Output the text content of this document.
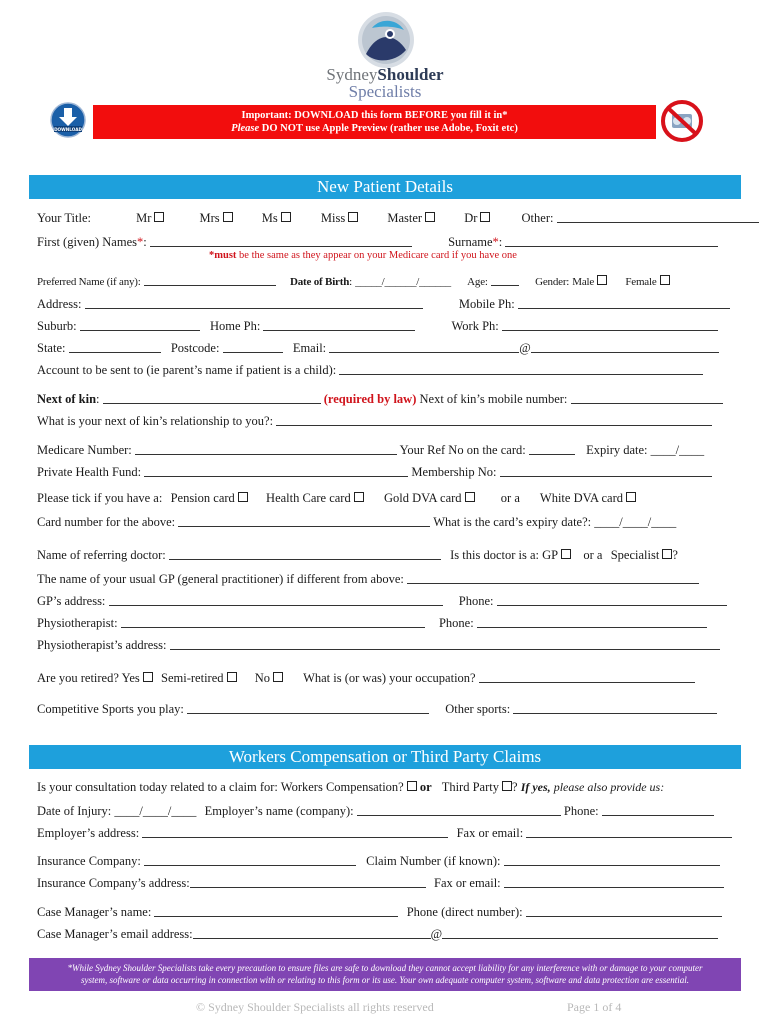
SydneyShoulder
Specialists
DOWNLOAD
Important: DOWNLOAD this form BEFORE you fill it in*
Please DO NOT use Apple Preview (rather use Adobe, Foxit etc)
New Patient Details
Your Title:	Mr	Mrs	Ms	Miss	Master	Dr	Other:
First (given) Names*:	Surname*:
*must be the same as they appear on your Medicare card if you have one
Preferred Name (if any):	Date of Birth: _____/______/______ Age:	Gender: Male	Female
Address:	Mobile Ph:
Suburb:	Home Ph:	Work Ph:
State:	Postcode:	Email:	@
Account to be sent to (ie parent’s name if patient is a child):
Next of kin:	(required by law) Next of kin’s mobile number:
What is your next of kin’s relationship to you?:
Medicare Number:	Your Ref No on the card:	Expiry date: ____/____
Private Health Fund:	Membership No:
Please tick if you have a: Pension card	Health Care card	Gold DVA card	or a White DVA card
Card number for the above:	What is the card’s expiry date?: ____/____/____
Name of referring doctor:	Is this doctor is a: GP or a Specialist ?
The name of your usual GP (general practitioner) if different from above:
GP’s address:	Phone:
Physiotherapist:	Phone:
Physiotherapist’s address:
Are you retired? Yes Semi-retired	No	What is (or was) your occupation?
Competitive Sports you play:	Other sports:
Workers Compensation or Third Party Claims
Is your consultation today related to a claim for: Workers Compensation? or Third Party ? If yes, please also provide us:
Date of Injury: ____/____/____ Employer’s name (company):	Phone:
Employer’s address:	Fax or email:
Insurance Company:	Claim Number (if known):
Insurance Company’s address:	Fax or email:
Case Manager’s name:	Phone (direct number):
Case Manager’s email address:	@
*While Sydney Shoulder Specialists take every precaution to ensure files are safe to download they cannot accept liability for any interference with or damage to your computer
system, software or data occurring in connection with or relating to this form or its use. Your own adequate computer system, software and data protection are essential.
© Sydney Shoulder Specialists all rights reserved	Page 1 of 4
